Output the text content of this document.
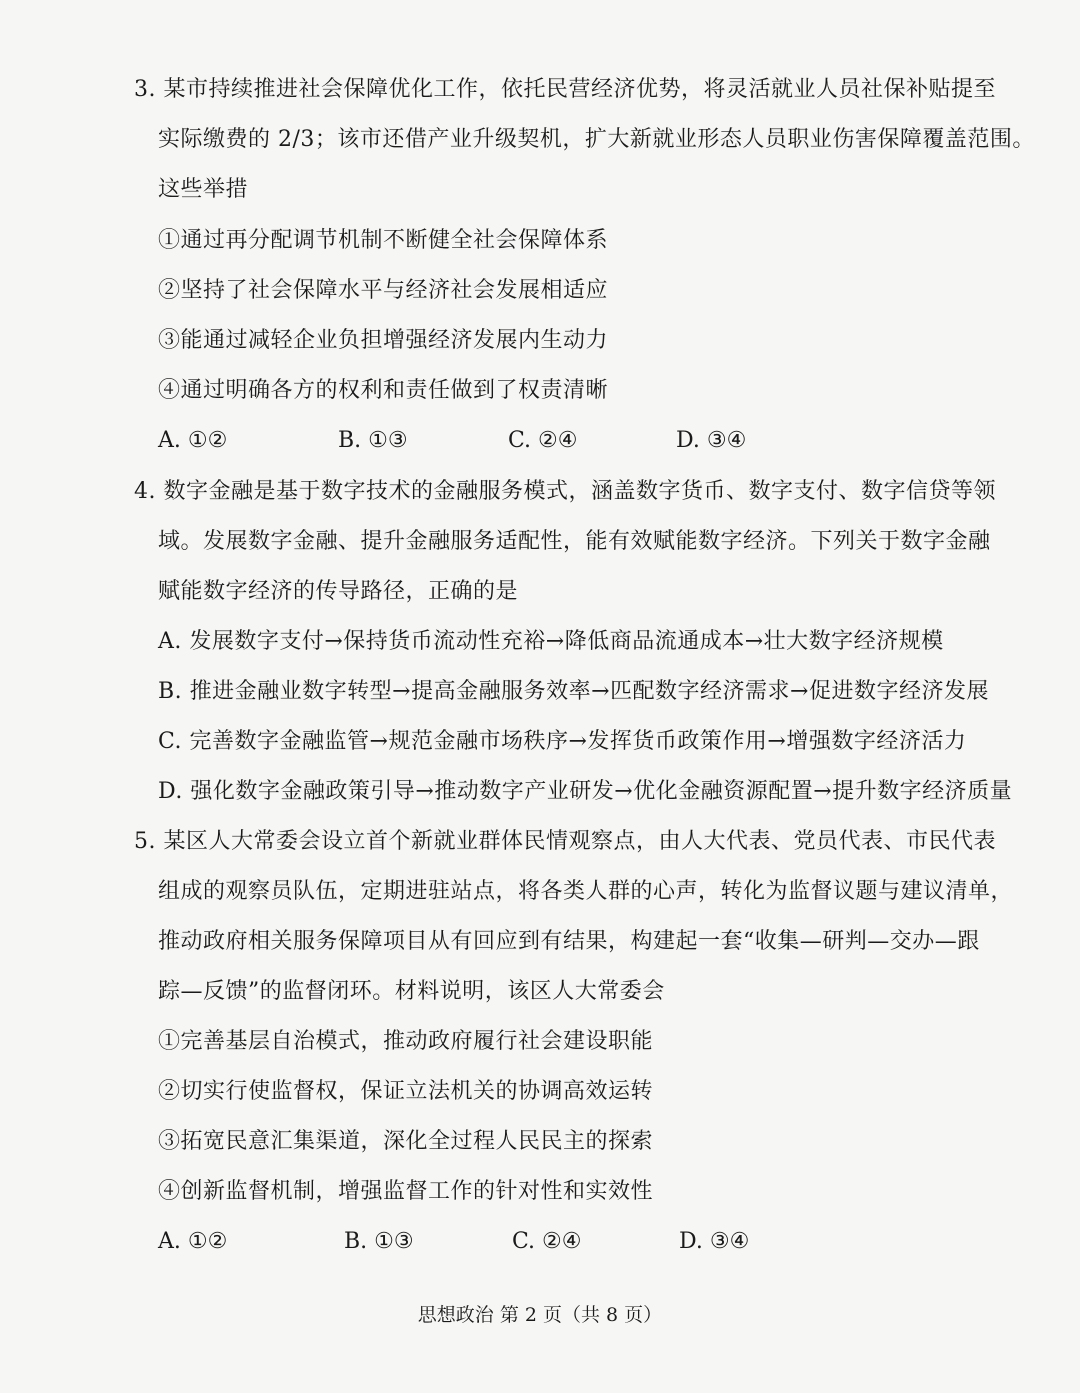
3. 某市持续推进社会保障优化工作，依托民营经济优势，将灵活就业人员社保补贴提至
实际缴费的 2/3；该市还借产业升级契机，扩大新就业形态人员职业伤害保障覆盖范围。
这些举措
①通过再分配调节机制不断健全社会保障体系
②坚持了社会保障水平与经济社会发展相适应
③能通过减轻企业负担增强经济发展内生动力
④通过明确各方的权利和责任做到了权责清晰
A. ①②	B. ①③	C. ②④	D. ③④
4. 数字金融是基于数字技术的金融服务模式，涵盖数字货币、数字支付、数字信贷等领
域。发展数字金融、提升金融服务适配性，能有效赋能数字经济。下列关于数字金融
赋能数字经济的传导路径，正确的是
A. 发展数字支付→保持货币流动性充裕→降低商品流通成本→壮大数字经济规模
B. 推进金融业数字转型→提高金融服务效率→匹配数字经济需求→促进数字经济发展
C. 完善数字金融监管→规范金融市场秩序→发挥货币政策作用→增强数字经济活力
D. 强化数字金融政策引导→推动数字产业研发→优化金融资源配置→提升数字经济质量
5. 某区人大常委会设立首个新就业群体民情观察点，由人大代表、党员代表、市民代表
组成的观察员队伍，定期进驻站点，将各类人群的心声，转化为监督议题与建议清单，
推动政府相关服务保障项目从有回应到有结果，构建起一套“收集—研判—交办—跟
踪—反馈”的监督闭环。材料说明，该区人大常委会
①完善基层自治模式，推动政府履行社会建设职能
②切实行使监督权，保证立法机关的协调高效运转
③拓宽民意汇集渠道，深化全过程人民民主的探索
④创新监督机制，增强监督工作的针对性和实效性
A. ①②	B. ①③	C. ②④	D. ③④
思想政治 第 2 页（共 8 页）
